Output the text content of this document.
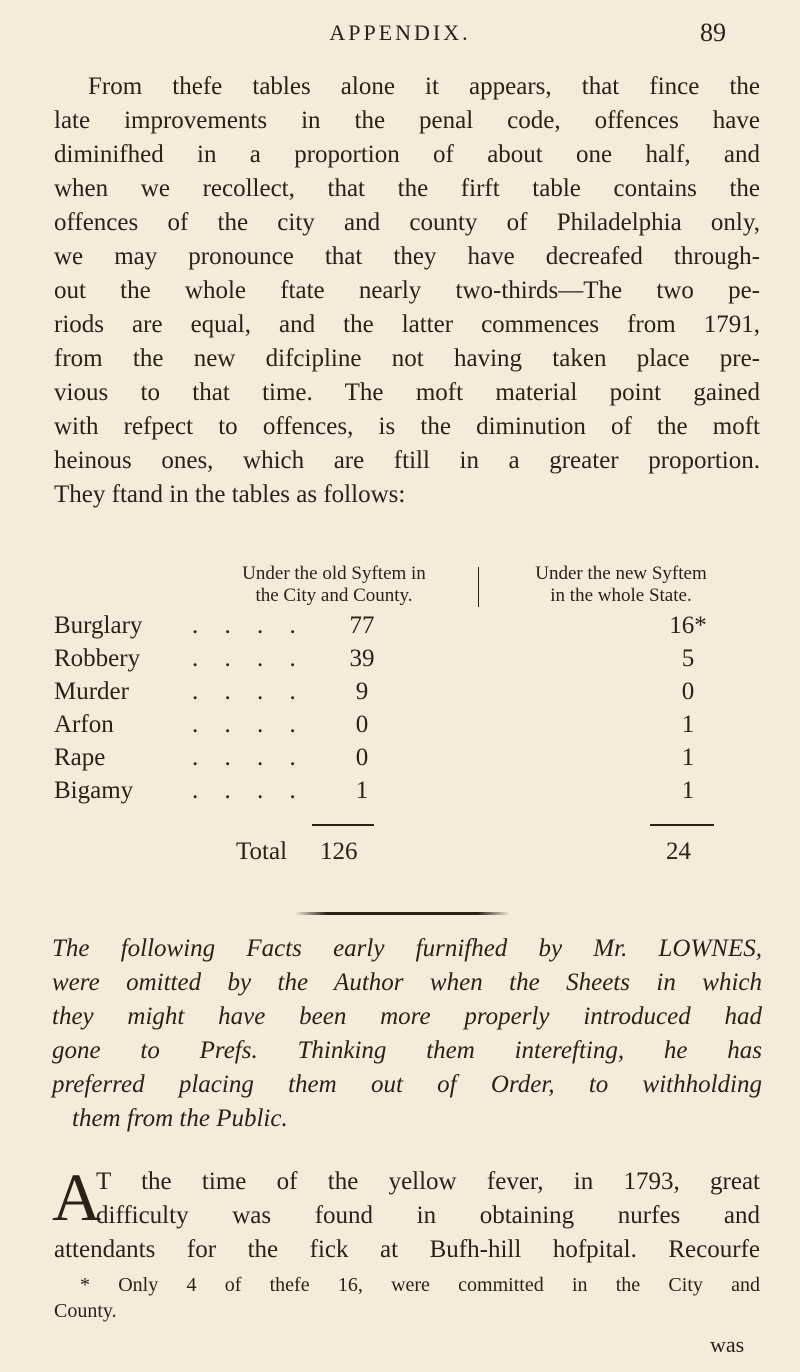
APPENDIX.	89
From thefe tables alone it appears, that fince the
late improvements in the penal code, offences have
diminifhed in a proportion of about one half, and
when we recollect, that the firft table contains the
offences of the city and county of Philadelphia only,
we may pronounce that they have decreafed through-
out the whole ftate nearly two-thirds—The two pe-
riods are equal, and the latter commences from 1791,
from the new difcipline not having taken place pre-
vious to that time. The moft material point gained
with refpect to offences, is the diminution of the moft
heinous ones, which are ftill in a greater proportion.
They ftand in the tables as follows:
Under the old Syftem in
the City and County.
Under the new Syftem
in the whole State.
Burglary . . . .	77	16*
Robbery . . . .	39	5
Murder	. . . .	9	0
Arfon	. . . .	0	1
Rape	. . . .	0	1
Bigamy . . . .	1	1
Total 126	24
The following Facts early furnifhed by Mr. LOWNES,
were omitted by the Author when the Sheets in which
they might have been more properly introduced had
gone to Prefs. Thinking them interefting, he has
preferred placing them out of Order, to withholding
them from the Public.
A
T the time of the yellow fever, in 1793, great
difficulty was found in obtaining nurfes and
attendants for the fick at Bufh-hill hofpital. Recourfe
* Only 4 of thefe 16, were committed in the City and
County.
was
